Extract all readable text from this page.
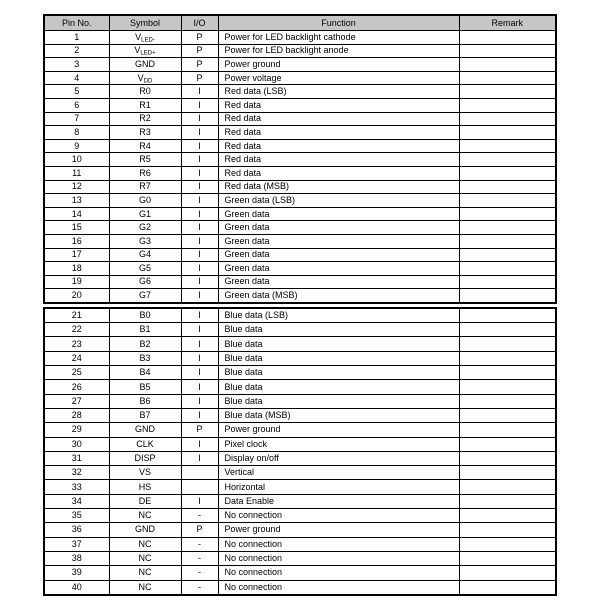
Pin No.	Symbol	I/O	Function	Remark
1	$V_{LED-}$	P	Power for LED backlight cathode	
2	$V_{LED+}$	P	Power for LED backlight anode	
3	GND	P	Power ground	
4	$V_{DD}$	P	Power voltage	
5	R0	I	Red data (LSB)	
6	R1	I	Red data	
7	R2	I	Red data	
8	R3	I	Red data	
9	R4	I	Red data	
10	R5	I	Red data	
11	R6	I	Red data	
12	R7	I	Red data (MSB)	
13	G0	I	Green data (LSB)	
14	G1	I	Green data	
15	G2	I	Green data	
16	G3	I	Green data	
17	G4	I	Green data	
18	G5	I	Green data	
19	G6	I	Green data	
20	G7	I	Green data (MSB)	
21	B0	I	Blue data (LSB)	
22	B1	I	Blue data	
23	B2	I	Blue data	
24	B3	I	Blue data	
25	B4	I	Blue data	
26	B5	I	Blue data	
27	B6	I	Blue data	
28	B7	I	Blue data (MSB)	
29	GND	P	Power ground	
30	CLK	I	Pixel clock	
31	DISP	I	Display on/off	
32	VS		Vertical	
33	HS		Horizontal	
34	DE	I	Data Enable	
35	NC	-	No connection	
36	GND	P	Power ground	
37	NC	-	No connection	
38	NC	-	No connection	
39	NC	-	No connection	
40	NC	-	No connection	
